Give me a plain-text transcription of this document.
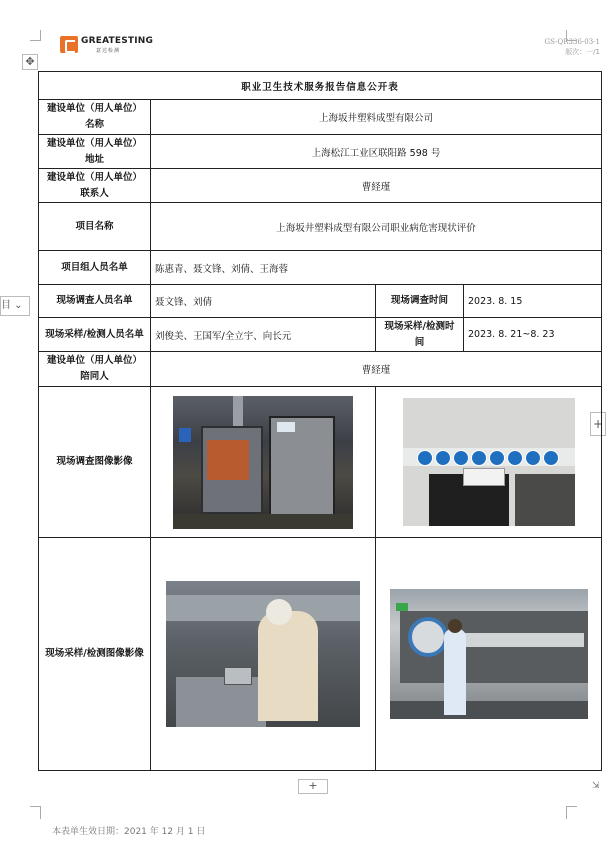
GREATESTING
意达检测
GS-QR336-03-1
版次：一/1
✥
目 ⌄
+
+	⇲
职业卫生技术服务报告信息公开表			
建设单位（用人单位）名称	上海坂井塑料成型有限公司		
建设单位（用人单位）地址	上海松江工业区联阳路 598 号		
建设单位（用人单位）联系人	曹経瑾		
项目名称	上海坂井塑料成型有限公司职业病危害现状评价		
项目组人员名单	陈惠青、聂文锋、刘倩、王海蓉		
现场调查人员名单	聂文锋、刘倩	现场调查时间	2023. 8. 15
现场采样/检测人员名单	刘俊美、王国军/全立宇、向长元	现场采样/检测时间	2023. 8. 21~8. 23
建设单位（用人单位）陪同人	曹経瑾		
现场调查图像影像		

现场采样/检测图像影像		

本表单生效日期：2021 年 12 月 1 日
